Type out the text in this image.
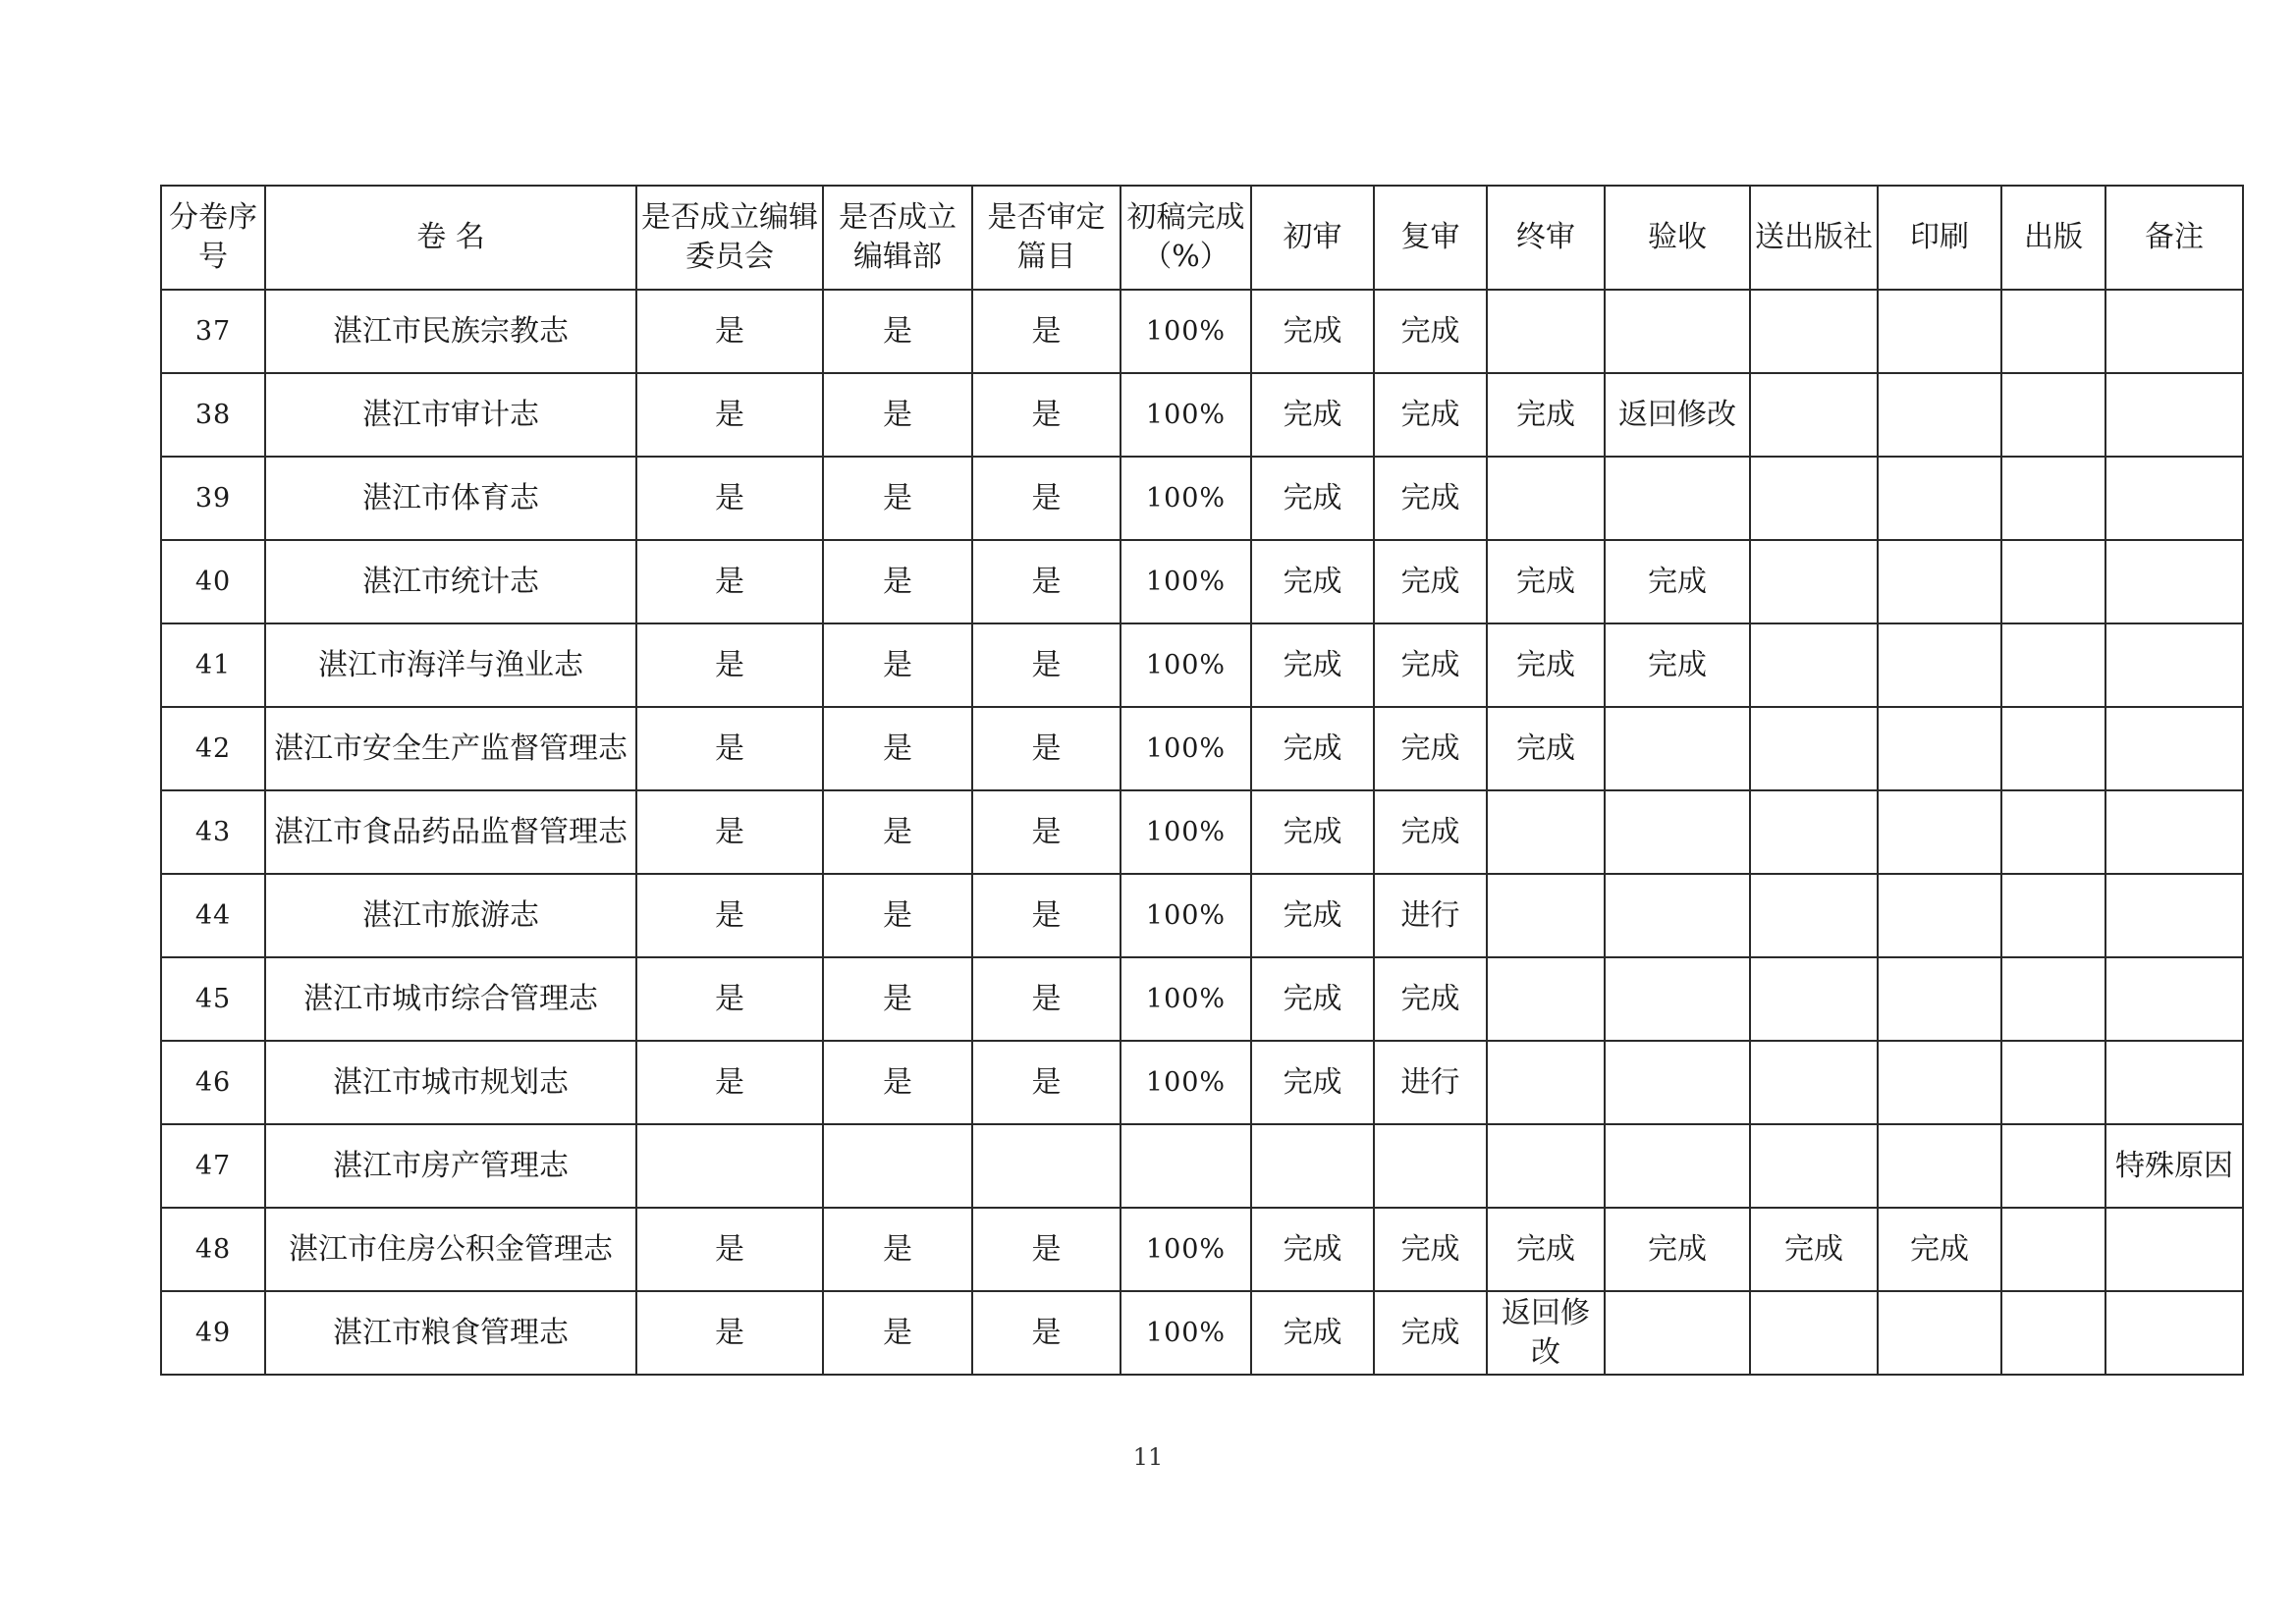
分卷序号	卷 名	是否成立编辑委员会	是否成立编辑部	是否审定篇目	初稿完成（%）	初审	复审	终审	验收	送出版社	印刷	出版	备注
37	湛江市民族宗教志	是	是	是	100%	完成	完成						
38	湛江市审计志	是	是	是	100%	完成	完成	完成	返回修改				
39	湛江市体育志	是	是	是	100%	完成	完成						
40	湛江市统计志	是	是	是	100%	完成	完成	完成	完成				
41	湛江市海洋与渔业志	是	是	是	100%	完成	完成	完成	完成				
42	湛江市安全生产监督管理志	是	是	是	100%	完成	完成	完成					
43	湛江市食品药品监督管理志	是	是	是	100%	完成	完成						
44	湛江市旅游志	是	是	是	100%	完成	进行						
45	湛江市城市综合管理志	是	是	是	100%	完成	完成						
46	湛江市城市规划志	是	是	是	100%	完成	进行						
47	湛江市房产管理志												特殊原因
48	湛江市住房公积金管理志	是	是	是	100%	完成	完成	完成	完成	完成	完成		
49	湛江市粮食管理志	是	是	是	100%	完成	完成	返回修改					
11
